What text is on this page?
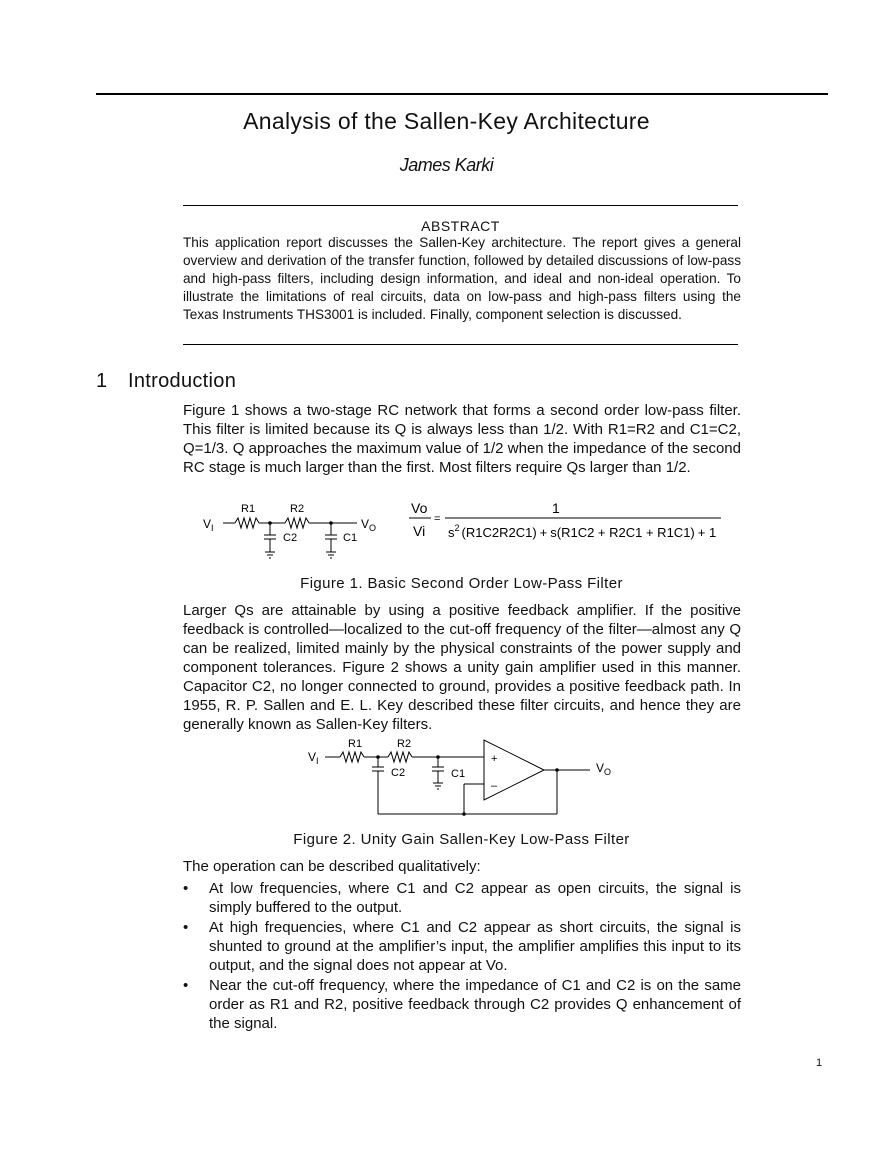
Analysis of the Sallen-Key Architecture
James Karki
ABSTRACT
This application report discusses the Sallen-Key architecture. The report gives a general overview and derivation of the transfer function, followed by detailed discussions of low-pass and high-pass filters, including design information, and ideal and non-ideal operation. To illustrate the limitations of real circuits, data on low-pass and high-pass filters using the Texas Instruments THS3001 is included. Finally, component selection is discussed.
1 Introduction
Figure 1 shows a two-stage RC network that forms a second order low-pass filter. This filter is limited because its Q is always less than 1/2. With R1=R2 and C1=C2, Q=1/3. Q approaches the maximum value of 1/2 when the impedance of the second RC stage is much larger than the first. Most filters require Qs larger than 1/2.
$V_I$	$V_O$
R1	R2
C2	C1
Vo
Vi
=
1
$s^2$ (R1C2R2C1) + s(R1C2 + R2C1 + R1C1) + 1
Figure 1. Basic Second Order Low-Pass Filter
Larger Qs are attainable by using a positive feedback amplifier. If the positive feedback is controlled—localized to the cut-off frequency of the filter—almost any Q can be realized, limited mainly by the physical constraints of the power supply and component tolerances. Figure 2 shows a unity gain amplifier used in this manner. Capacitor C2, no longer connected to ground, provides a positive feedback path. In 1955, R. P. Sallen and E. L. Key described these filter circuits, and hence they are generally known as Sallen-Key filters.
$V_I$	$V_O$
R1	R2
C2	C1
+
–
Figure 2. Unity Gain Sallen-Key Low-Pass Filter
The operation can be described qualitatively:
• At low frequencies, where C1 and C2 appear as open circuits, the signal is simply buffered to the output.
• At high frequencies, where C1 and C2 appear as short circuits, the signal is shunted to ground at the amplifier’s input, the amplifier amplifies this input to its output, and the signal does not appear at Vo.
• Near the cut-off frequency, where the impedance of C1 and C2 is on the same order as R1 and R2, positive feedback through C2 provides Q enhancement of the signal.
1
